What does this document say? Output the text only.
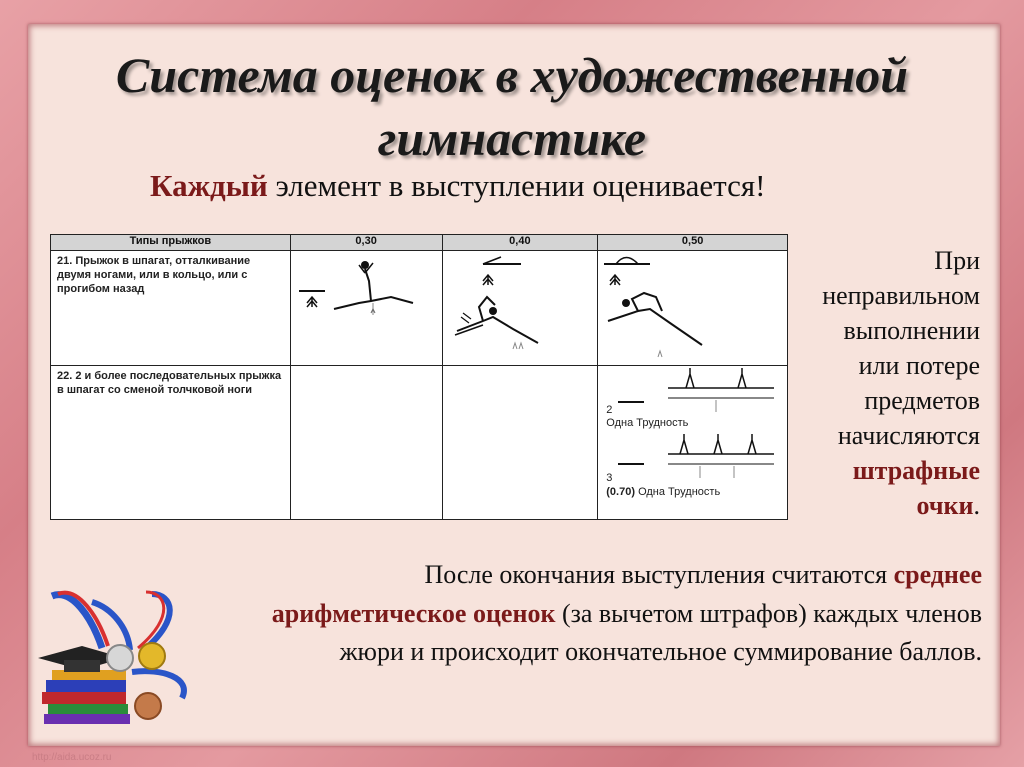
Система оценок в художественной
гимнастике
Каждый элемент в выступлении оценивается!
Типы прыжков	0,30	0,40	0,50
21. Прыжок в шпагат, отталкивание двумя ногами, или в кольцо, или с прогибом назад	

22. 2 и более последовательных прыжка в шпагат со сменой толчковой ноги			2
Одна Трудность
3
(0.70) Одна Трудность
При неправильном выполнении или потере предметов начисляются штрафные очки.
После окончания выступления считаются среднее арифметическое оценок (за вычетом штрафов) каждых членов жюри и происходит окончательное суммирование баллов.
http://aida.ucoz.ru
